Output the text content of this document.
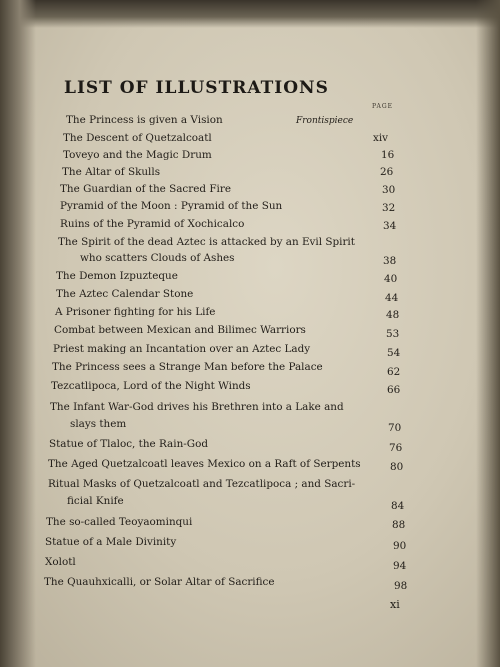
LIST OF ILLUSTRATIONS
PAGE
The Princess is given a Vision	Frontispiece
The Descent of Quetzalcoatl	xiv
Toveyo and the Magic Drum	16
The Altar of Skulls	26
The Guardian of the Sacred Fire	30
Pyramid of the Moon : Pyramid of the Sun	32
Ruins of the Pyramid of Xochicalco	34
The Spirit of the dead Aztec is attacked by an Evil Spirit
who scatters Clouds of Ashes	38
The Demon Izpuzteque	40
The Aztec Calendar Stone	44
A Prisoner fighting for his Life	48
Combat between Mexican and Bilimec Warriors	53
Priest making an Incantation over an Aztec Lady	54
The Princess sees a Strange Man before the Palace	62
Tezcatlipoca, Lord of the Night Winds	66
The Infant War-God drives his Brethren into a Lake and
slays them	70
Statue of Tlaloc, the Rain-God	76
The Aged Quetzalcoatl leaves Mexico on a Raft of Serpents	80
Ritual Masks of Quetzalcoatl and Tezcatlipoca ; and Sacri-
ficial Knife	84
The so-called Teoyaominqui	88
Statue of a Male Divinity	90
Xolotl	94
The Quauhxicalli, or Solar Altar of Sacrifice	98
xi
